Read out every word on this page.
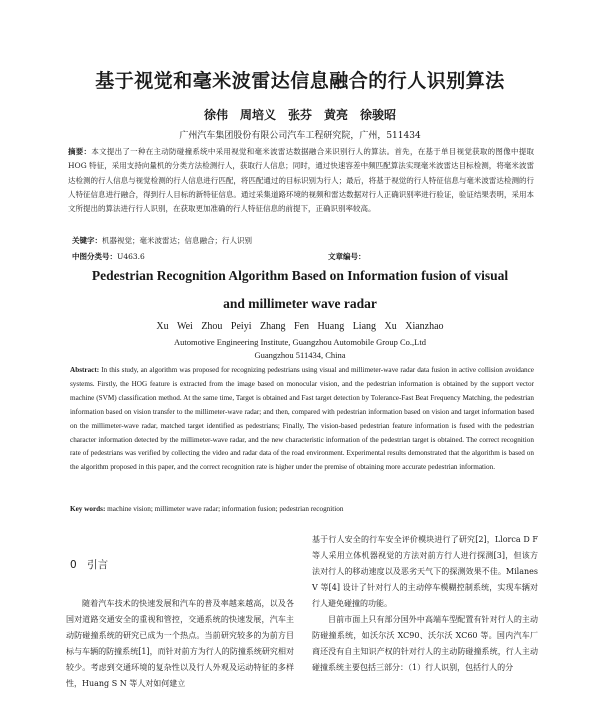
基于视觉和毫米波雷达信息融合的行人识别算法
徐伟　周培义　张芬　黄亮　徐骏昭
广州汽车集团股份有限公司汽车工程研究院，广州，511434
摘要：本文提出了一种在主动防碰撞系统中采用视觉和毫米波雷达数据融合来识别行人的算法。首先，在基于单目视觉获取的图像中提取 HOG 特征，采用支持向量机的分类方法检测行人，获取行人信息；同时，通过快速容差中频匹配算法实现毫米波雷达目标检测，将毫米波雷达检测的行人信息与视觉检测的行人信息进行匹配，将匹配通过的目标识别为行人；最后，将基于视觉的行人特征信息与毫米波雷达检测的行人特征信息进行融合，得到行人目标的新特征信息。通过采集道路环境的视频和雷达数据对行人正确识别率进行验证，验证结果表明，采用本文所提出的算法进行行人识别，在获取更加准确的行人特征信息的前提下，正确识别率较高。
关键字：机器视觉；毫米波雷达；信息融合；行人识别
中图分类号：U463.6	文章编号：
Pedestrian Recognition Algorithm Based on Information fusion of visual
and millimeter wave radar
Xu Wei Zhou Peiyi Zhang Fen Huang Liang Xu Xianzhao
Automotive Engineering Institute, Guangzhou Automobile Group Co.,Ltd
Guangzhou 511434, China
Abstract: In this study, an algorithm was proposed for recognizing pedestrians using visual and millimeter-wave radar data fusion in active collision avoidance systems. Firstly, the HOG feature is extracted from the image based on monocular vision, and the pedestrian information is obtained by the support vector machine (SVM) classification method. At the same time, Target is obtained and Fast target detection by Tolerance-Fast Beat Frequency Matching, the pedestrian information based on vision transfer to the millimeter-wave radar; and then, compared with pedestrian information based on vision and target information based on the millimeter-wave radar, matched target identified as pedestrians; Finally, The vision-based pedestrian feature information is fused with the pedestrian character information detected by the millimeter-wave radar, and the new characteristic information of the pedestrian target is obtained. The correct recognition rate of pedestrians was verified by collecting the video and radar data of the road environment. Experimental results demonstrated that the algorithm is based on the algorithm proposed in this paper, and the correct recognition rate is higher under the premise of obtaining more accurate pedestrian information.
Key words: machine vision; millimeter wave radar; information fusion; pedestrian recognition
0　引言
随着汽车技术的快速发展和汽车的普及率越来越高，以及各国对道路交通安全的重视和管控，交通系统的快速发展，汽车主动防碰撞系统的研究已成为一个热点。当前研究较多的为前方目标与车辆的防撞系统[1]，而针对前方为行人的防撞系统研究相对较少。考虑到交通环境的复杂性以及行人外观及运动特征的多样性，Huang S N 等人对如何建立

基于行人安全的行车安全评价模块进行了研究[2]，Llorca D F 等人采用立体机器视觉的方法对前方行人进行探测[3]，但该方法对行人的移动速度以及恶劣天气下的探测效果不佳。Milanes V 等[4] 设计了针对行人的主动停车模糊控制系统，实现车辆对行人避免碰撞的功能。

目前市面上只有部分国外中高端车型配置有针对行人的主动防碰撞系统，如沃尔沃 XC90、沃尔沃 XC60 等。国内汽车厂商还没有自主知识产权的针对行人的主动防碰撞系统，行人主动碰撞系统主要包括三部分：（1）行人识别，包括行人的分
